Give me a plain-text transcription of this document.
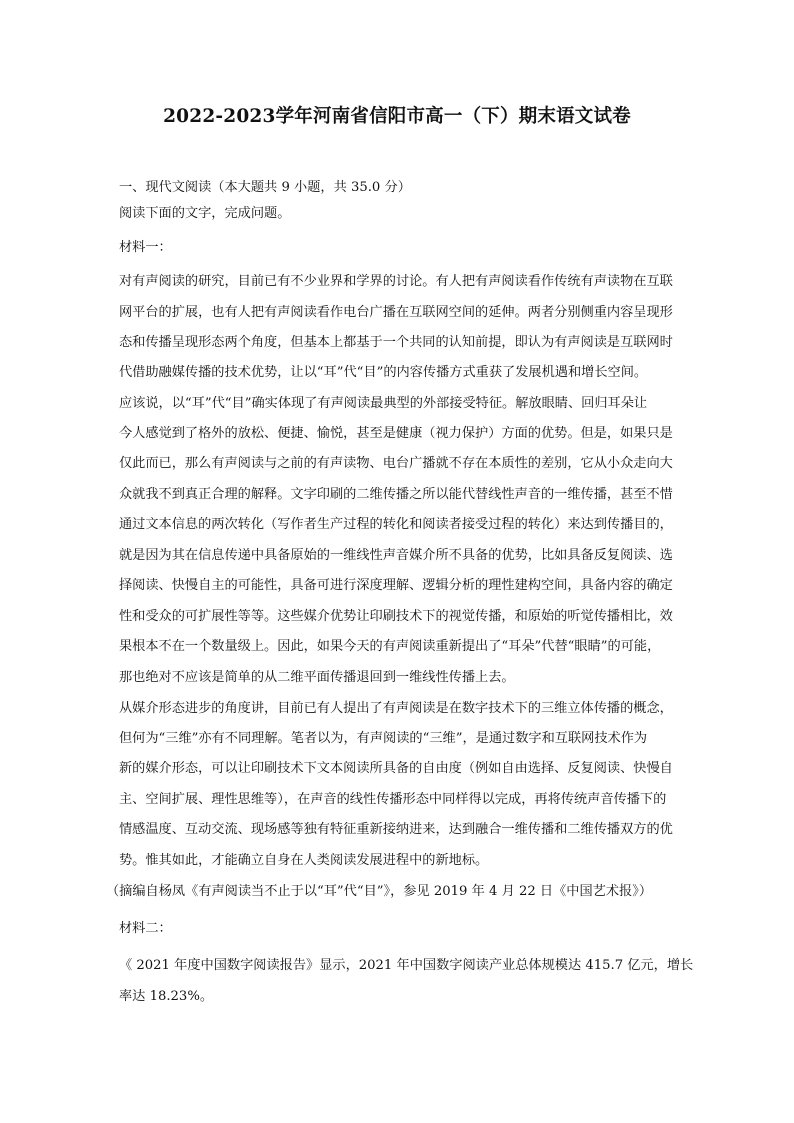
2022-2023学年河南省信阳市高一（下）期末语文试卷
一、现代文阅读（本大题共 9 小题，共 35.0 分）
阅读下面的文字，完成问题。
材料一：
对有声阅读的研究，目前已有不少业界和学界的讨论。有人把有声阅读看作传统有声读物在互联
网平台的扩展，也有人把有声阅读看作电台广播在互联网空间的延伸。两者分别侧重内容呈现形
态和传播呈现形态两个角度，但基本上都基于一个共同的认知前提，即认为有声阅读是互联网时
代借助融媒传播的技术优势，让以“耳”代“目”的内容传播方式重获了发展机遇和增长空间。
应该说，以“耳”代“目”确实体现了有声阅读最典型的外部接受特征。解放眼睛、回归耳朵让
今人感觉到了格外的放松、便捷、愉悦，甚至是健康（视力保护）方面的优势。但是，如果只是
仅此而已，那么有声阅读与之前的有声读物、电台广播就不存在本质性的差别，它从小众走向大
众就我不到真正合理的解释。文字印刷的二维传播之所以能代替线性声音的一维传播，甚至不惜
通过文本信息的两次转化（写作者生产过程的转化和阅读者接受过程的转化）来达到传播目的，
就是因为其在信息传递中具备原始的一维线性声音媒介所不具备的优势，比如具备反复阅读、选
择阅读、快慢自主的可能性，具备可进行深度理解、逻辑分析的理性建构空间，具备内容的确定
性和受众的可扩展性等等。这些媒介优势让印刷技术下的视觉传播，和原始的听觉传播相比，效
果根本不在一个数量级上。因此，如果今天的有声阅读重新提出了“耳朵”代替“眼睛”的可能，
那也绝对不应该是简单的从二维平面传播退回到一维线性传播上去。
从媒介形态进步的角度讲，目前已有人提出了有声阅读是在数字技术下的三维立体传播的概念，
但何为“三维”亦有不同理解。笔者以为，有声阅读的“三维”，是通过数字和互联网技术作为
新的媒介形态，可以让印刷技术下文本阅读所具备的自由度（例如自由选择、反复阅读、快慢自
主、空间扩展、理性思维等），在声音的线性传播形态中同样得以完成，再将传统声音传播下的
情感温度、互动交流、现场感等独有特征重新接纳进来，达到融合一维传播和二维传播双方的优
势。惟其如此，才能确立自身在人类阅读发展进程中的新地标。
（摘编自杨凤《有声阅读当不止于以“耳”代“目”》，参见 2019 年 4 月 22 日《中国艺术报》）
材料二：
《 2021 年度中国数字阅读报告》显示，2021 年中国数字阅读产业总体规模达 415.7 亿元，增长
率达 18.23%。
